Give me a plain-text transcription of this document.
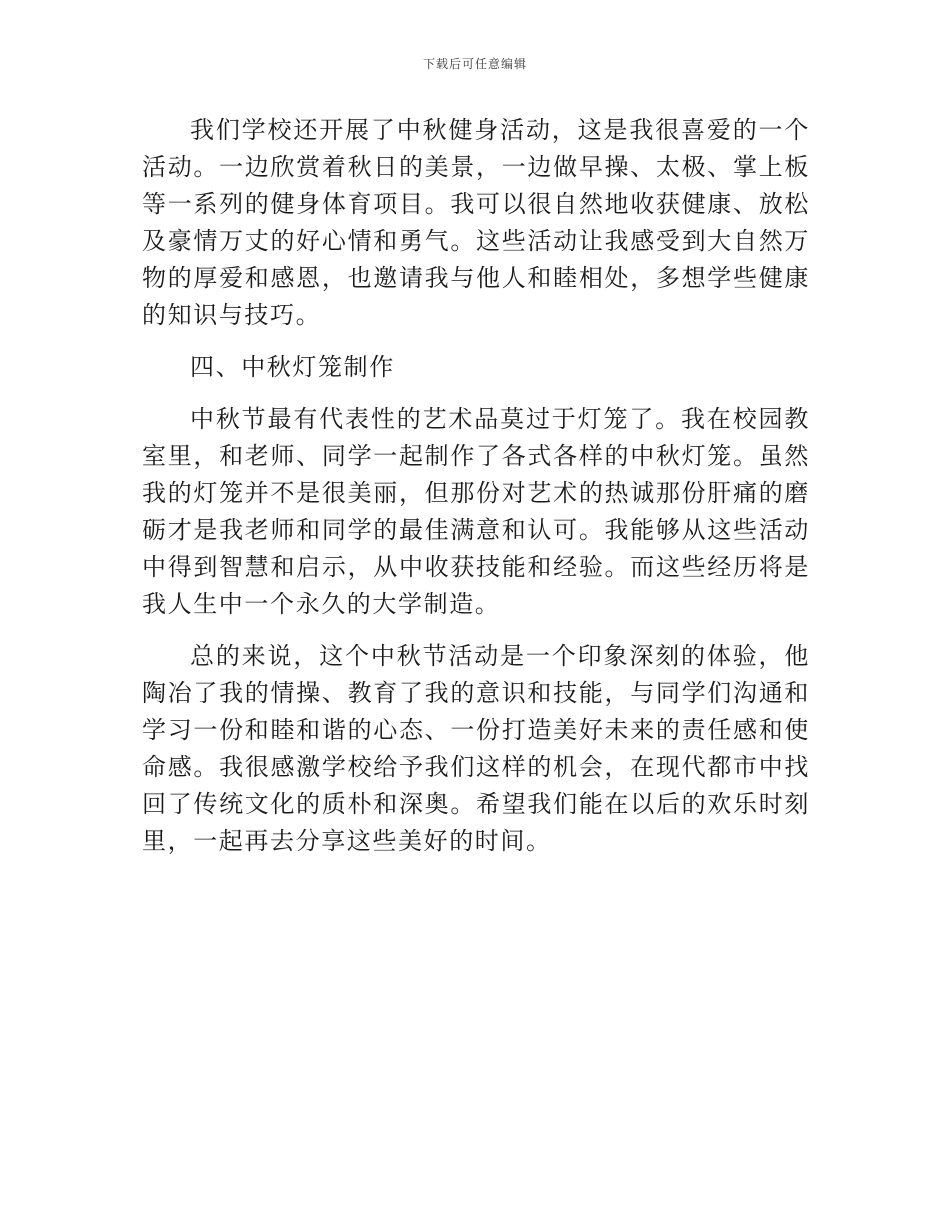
下载后可任意编辑

我们学校还开展了中秋健身活动，这是我很喜爱的一个活动。一边欣赏着秋日的美景，一边做早操、太极、掌上板等一系列的健身体育项目。我可以很自然地收获健康、放松及豪情万丈的好心情和勇气。这些活动让我感受到大自然万物的厚爱和感恩，也邀请我与他人和睦相处，多想学些健康的知识与技巧。

四、中秋灯笼制作

中秋节最有代表性的艺术品莫过于灯笼了。我在校园教室里，和老师、同学一起制作了各式各样的中秋灯笼。虽然我的灯笼并不是很美丽，但那份对艺术的热诚那份肝痛的磨砺才是我老师和同学的最佳满意和认可。我能够从这些活动中得到智慧和启示，从中收获技能和经验。而这些经历将是我人生中一个永久的大学制造。

总的来说，这个中秋节活动是一个印象深刻的体验，他陶冶了我的情操、教育了我的意识和技能，与同学们沟通和学习一份和睦和谐的心态、一份打造美好未来的责任感和使命感。我很感激学校给予我们这样的机会，在现代都市中找回了传统文化的质朴和深奥。希望我们能在以后的欢乐时刻里，一起再去分享这些美好的时间。
